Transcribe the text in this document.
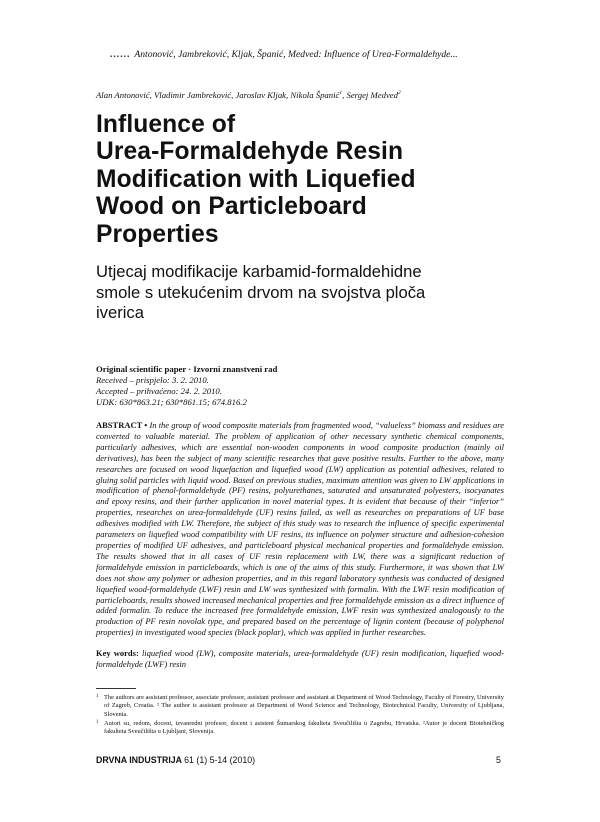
...... Antonović, Jambreković, Kljak, Španić, Medved: Influence of Urea-Formaldehyde...
Alan Antonović, Vladimir Jambreković, Jaroslav Kljak, Nikola Španić$^1$, Sergej Medved$^2$
Influence of
Urea-Formaldehyde Resin
Modification with Liquefied
Wood on Particleboard
Properties
Utjecaj modifikacije karbamid-formaldehidne
smole s utekućenim drvom na svojstva ploča
iverica
Original scientific paper · Izvorni znanstveni rad
Received – prispjelo: 3. 2. 2010.
Accepted – prihvaćeno: 24. 2. 2010.
UDK: 630*863.21; 630*861.15; 674.816.2

ABSTRACT • In the group of wood composite materials from fragmented wood, “valueless” biomass and residues are converted to valuable material. The problem of application of other necessary synthetic chemical components, particularly adhesives, which are essential non-wooden components in wood composite production (mainly oil derivatives), has been the subject of many scientific researches that gave positive results. Further to the above, many researches are focused on wood liquefaction and liquefied wood (LW) application as potential adhesives, related to gluing solid particles with liquid wood. Based on previous studies, maximum attention was given to LW applications in modification of phenol-formaldehyde (PF) resins, polyurethanes, saturated and unsaturated polyesters, isocyanates and epoxy resins, and their further application in novel material types. It is evident that because of their “inferior” properties, researches on urea-formaldehyde (UF) resins failed, as well as researches on preparations of UF base adhesives modified with LW. Therefore, the subject of this study was to research the influence of specific experimental parameters on liquefied wood compatibility with UF resins, its influence on polymer structure and adhesion-cohesion properties of modified UF adhesives, and particleboard physical mechanical properties and formaldehyde emission. The results showed that in all cases of UF resin replacement with LW, there was a significant reduction of formaldehyde emission in particleboards, which is one of the aims of this study. Furthermore, it was shown that LW does not show any polymer or adhesion properties, and in this regard laboratory synthesis was conducted of designed liquefied wood-formaldehyde (LWF) resin and LW was synthesized with formalin. With the LWF resin modification of particleboards, results showed increased mechanical properties and free formaldehyde emission as a direct influence of added formalin. To reduce the increased free formaldehyde emission, LWF resin was synthesized analogously to the production of PF resin novolak type, and prepared based on the percentage of lignin content (because of polyphenol properties) in investigated wood species (black poplar), which was applied in further researches.

Key words: liquefied wood (LW), composite materials, urea-formaldehyde (UF) resin modification, liquefied wood-formaldehyde (LWF) resin

1 The authors are assistant professor, associate professor, assistant professor and assistant at Department of Wood Technology, Faculty of Forestry, University of Zagreb, Croatia. ² The author is assistant professor at Department of Wood Science and Technology, Biotechnical Faculty, University of Ljubljana, Slovenia.

1 Autori su, redom, docent, izvanredni profesor, docent i asistent Šumarskog fakulteta Sveučilišta u Zagrebu, Hrvatska. ²Autor je docent Biotehničkog fakulteta Sveučilišta u Ljubljani, Slovenija.

DRVNA INDUSTRIJA 61 (1) 5-14 (2010)	5
